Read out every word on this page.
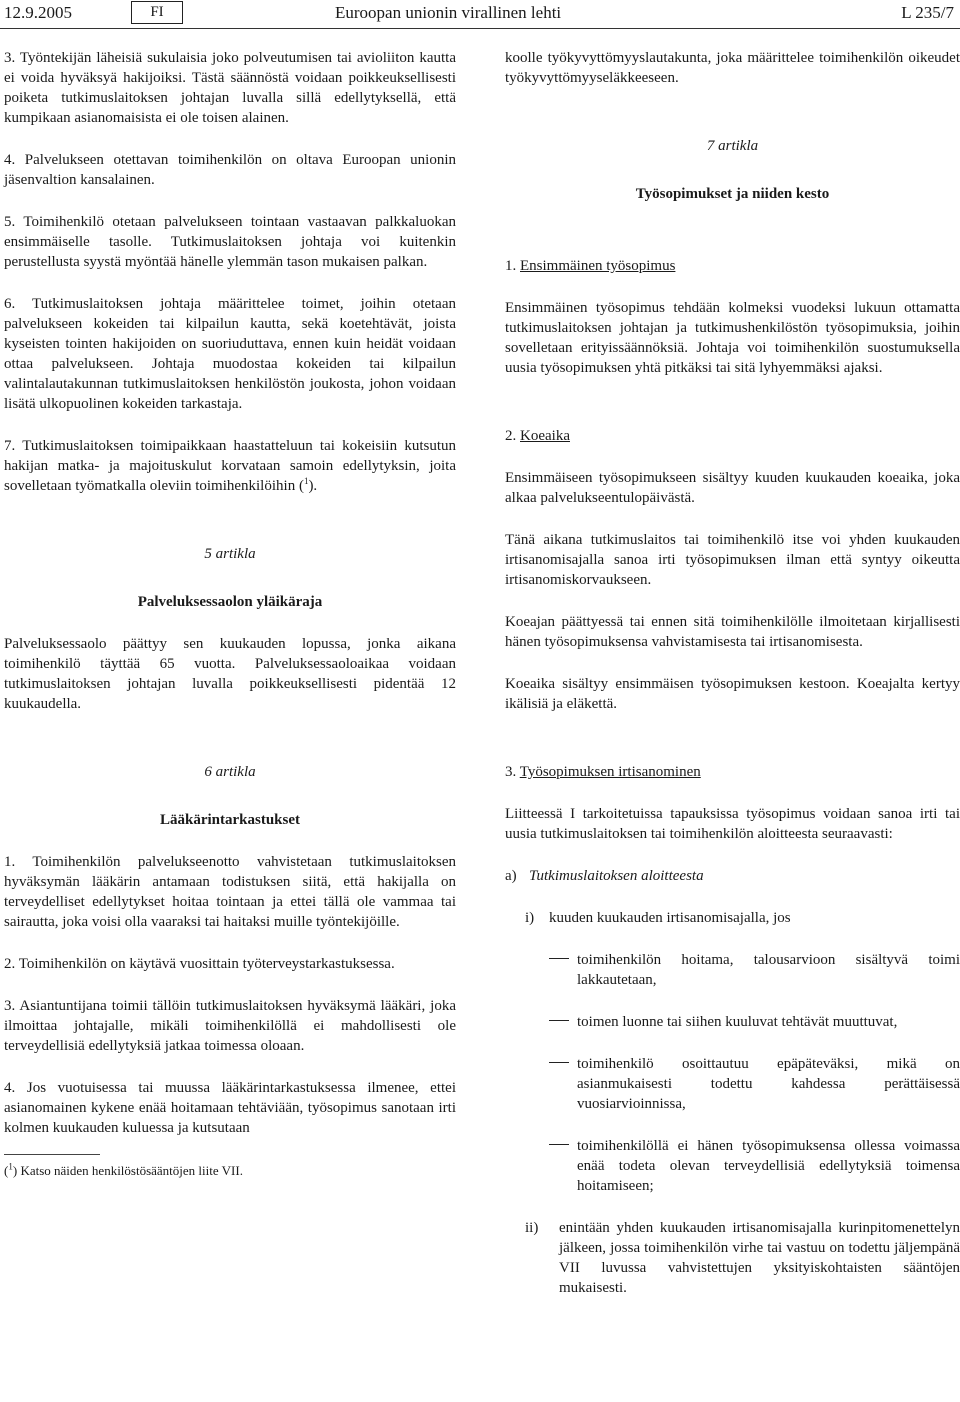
12.9.2005	FI	Euroopan unionin virallinen lehti	L 235/7

3. Työntekijän läheisiä sukulaisia joko polveutumisen tai avioliiton kautta ei voida hyväksyä hakijoiksi. Tästä säännöstä voidaan poikkeuksellisesti poiketa tutkimuslaitoksen johtajan luvalla sillä edellytyksellä, että kumpikaan asianomaisista ei ole toisen alainen.

4. Palvelukseen otettavan toimihenkilön on oltava Euroopan unionin jäsenvaltion kansalainen.

5. Toimihenkilö otetaan palvelukseen tointaan vastaavan palkkaluokan ensimmäiselle tasolle. Tutkimuslaitoksen johtaja voi kuitenkin perustellusta syystä myöntää hänelle ylemmän tason mukaisen palkan.

6. Tutkimuslaitoksen johtaja määrittelee toimet, joihin otetaan palvelukseen kokeiden tai kilpailun kautta, sekä koetehtävät, joista kyseisten tointen hakijoiden on suoriuduttava, ennen kuin heidät voidaan ottaa palvelukseen. Johtaja muodostaa kokeiden tai kilpailun valintalautakunnan tutkimuslaitoksen henkilöstön joukosta, johon voidaan lisätä ulkopuolinen kokeiden tarkastaja.

7. Tutkimuslaitoksen toimipaikkaan haastatteluun tai kokeisiin kutsutun hakijan matka- ja majoituskulut korvataan samoin edellytyksin, joita sovelletaan työmatkalla oleviin toimihenkilöihin ($^1$).

5 artikla
Palveluksessaolon yläikäraja

Palveluksessaolo päättyy sen kuukauden lopussa, jonka aikana toimihenkilö täyttää 65 vuotta. Palveluksessaoloaikaa voidaan tutkimuslaitoksen johtajan luvalla poikkeuksellisesti pidentää 12 kuukaudella.

6 artikla
Lääkärintarkastukset

1. Toimihenkilön palvelukseenotto vahvistetaan tutkimuslaitoksen hyväksymän lääkärin antamaan todistuksen siitä, että hakijalla on terveydelliset edellytykset hoitaa tointaan ja ettei tällä ole vammaa tai sairautta, joka voisi olla vaaraksi tai haitaksi muille työntekijöille.

2. Toimihenkilön on käytävä vuosittain työterveystarkastuksessa.

3. Asiantuntijana toimii tällöin tutkimuslaitoksen hyväksymä lääkäri, joka ilmoittaa johtajalle, mikäli toimihenkilöllä ei mahdollisesti ole terveydellisiä edellytyksiä jatkaa toimessa oloaan.

4. Jos vuotuisessa tai muussa lääkärintarkastuksessa ilmenee, ettei asianomainen kykene enää hoitamaan tehtäviään, työsopimus sanotaan irti kolmen kuukauden kuluessa ja kutsutaan

($^1$) Katso näiden henkilöstösääntöjen liite VII.

koolle työkyvyttömyyslautakunta, joka määrittelee toimihenkilön oikeudet työkyvyttömyyseläkkeeseen.

7 artikla
Työsopimukset ja niiden kesto

1. Ensimmäinen työsopimus

Ensimmäinen työsopimus tehdään kolmeksi vuodeksi lukuun ottamatta tutkimuslaitoksen johtajan ja tutkimushenkilöstön työsopimuksia, joihin sovelletaan erityissäännöksiä. Johtaja voi toimihenkilön suostumuksella uusia työsopimuksen yhtä pitkäksi tai sitä lyhyemmäksi ajaksi.

2. Koeaika

Ensimmäiseen työsopimukseen sisältyy kuuden kuukauden koeaika, joka alkaa palvelukseentulopäivästä.

Tänä aikana tutkimuslaitos tai toimihenkilö itse voi yhden kuukauden irtisanomisajalla sanoa irti työsopimuksen ilman että syntyy oikeutta irtisanomiskorvaukseen.

Koeajan päättyessä tai ennen sitä toimihenkilölle ilmoitetaan kirjallisesti hänen työsopimuksensa vahvistamisesta tai irtisanomisesta.

Koeaika sisältyy ensimmäisen työsopimuksen kestoon. Koeajalta kertyy ikälisiä ja eläkettä.

3. Työsopimuksen irtisanominen

Liitteessä I tarkoitetuissa tapauksissa työsopimus voidaan sanoa irti tai uusia tutkimuslaitoksen tai toimihenkilön aloitteesta seuraavasti:

a) Tutkimuslaitoksen aloitteesta
i) kuuden kuukauden irtisanomisajalla, jos
toimihenkilön hoitama, talousarvioon sisältyvä toimi lakkautetaan,
toimen luonne tai siihen kuuluvat tehtävät muuttuvat,
toimihenkilö osoittautuu epäpäteväksi, mikä on asianmukaisesti todettu kahdessa perättäisessä vuosiarvioinnissa,
toimihenkilöllä ei hänen työsopimuksensa ollessa voimassa enää todeta olevan terveydellisiä edellytyksiä toimensa hoitamiseen;
ii)	enintään yhden kuukauden irtisanomisajalla kurinpitomenettelyn jälkeen, jossa toimihenkilön virhe tai vastuu on todettu jäljempänä VII luvussa vahvistettujen yksityiskohtaisten sääntöjen mukaisesti.
